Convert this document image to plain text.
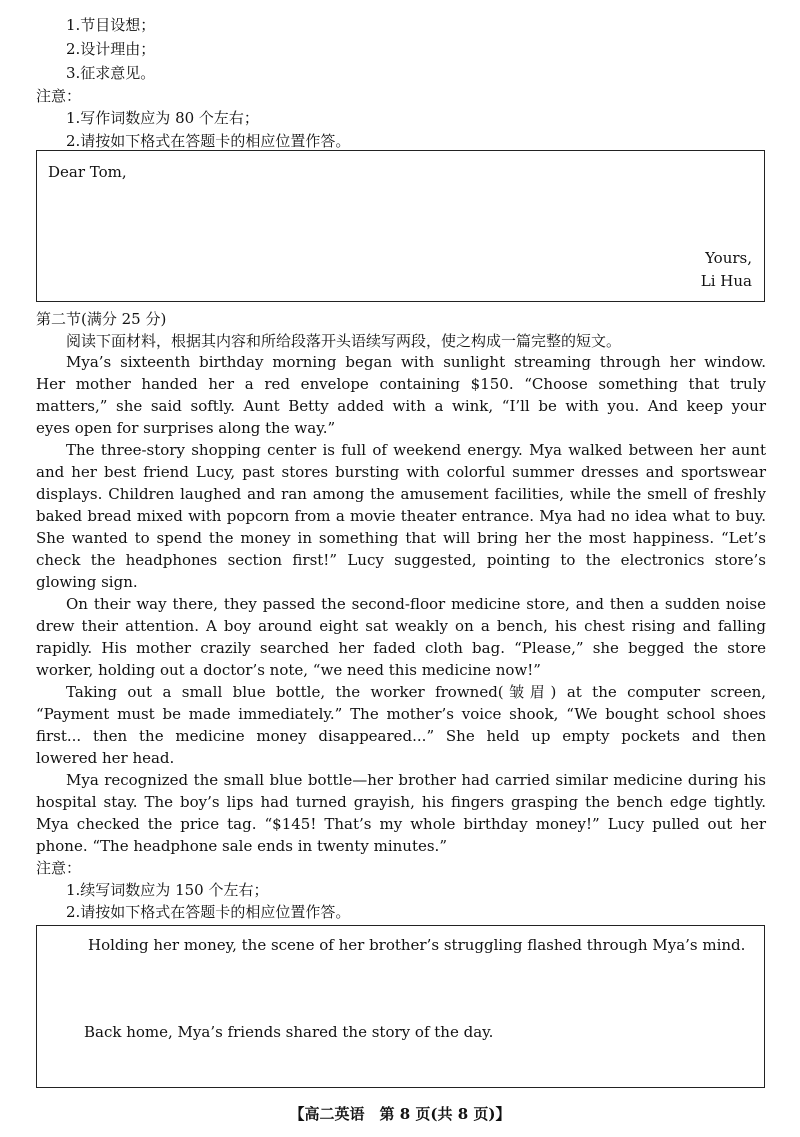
1.节目设想；
2.设计理由；
3.征求意见。
注意：
1.写作词数应为 80 个左右；
2.请按如下格式在答题卡的相应位置作答。
Dear Tom,
Yours,
Li Hua
第二节(满分 25 分)
阅读下面材料，根据其内容和所给段落开头语续写两段，使之构成一篇完整的短文。
Mya’s sixteenth birthday morning began with sunlight streaming through her window.
Her mother handed her a red envelope containing $150. “Choose something that truly
matters,” she said softly. Aunt Betty added with a wink, “I’ll be with you. And keep your
eyes open for surprises along the way.”
The three-story shopping center is full of weekend energy. Mya walked between her aunt
and her best friend Lucy, past stores bursting with colorful summer dresses and sportswear
displays. Children laughed and ran among the amusement facilities, while the smell of freshly
baked bread mixed with popcorn from a movie theater entrance. Mya had no idea what to buy.
She wanted to spend the money in something that will bring her the most happiness. “Let’s
check the headphones section first!” Lucy suggested, pointing to the electronics store’s
glowing sign.
On their way there, they passed the second-floor medicine store, and then a sudden noise
drew their attention. A boy around eight sat weakly on a bench, his chest rising and falling
rapidly. His mother crazily searched her faded cloth bag. “Please,” she begged the store
worker, holding out a doctor’s note, “we need this medicine now!”
Taking out a small blue bottle, the worker frowned(皱眉) at the computer screen,
“Payment must be made immediately.” The mother’s voice shook, “We bought school shoes
first... then the medicine money disappeared...” She held up empty pockets and then
lowered her head.
Mya recognized the small blue bottle—her brother had carried similar medicine during his
hospital stay. The boy’s lips had turned grayish, his fingers grasping the bench edge tightly.
Mya checked the price tag. “$145! That’s my whole birthday money!” Lucy pulled out her
phone. “The headphone sale ends in twenty minutes.”
注意：
1.续写词数应为 150 个左右；
2.请按如下格式在答题卡的相应位置作答。
Holding her money, the scene of her brother’s struggling flashed through Mya’s mind.
Back home, Mya’s friends shared the story of the day.
【高二英语　第 8 页(共 8 页)】
